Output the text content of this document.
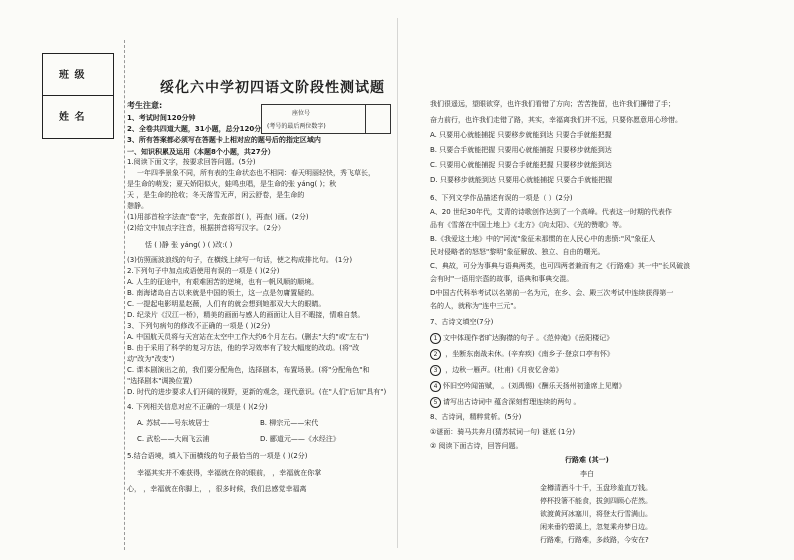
班 级
姓 名
绥化六中学初四语文阶段性测试题
考生注意:
1、考试时间120分钟
2、全卷共四道大题，31小题，总分120分
3、所有答案都必须写在答题卡上相对应的题号后的指定区域内
座位号
(考号的最后两位数字)
一、知识积累及运用（本题8个小题，共27分）
1.阅读下面文字，按要求回答问题。(5分)
一年四季景象不同，所有表的生命状态也不相同：春天明丽轻快，秀飞草长，
是生命的萌发；夏天娇阳似火，蛙鸣虫唱，是生命的张 yáng( )；秋
天 ，是生命的抢收；冬天落雪无声，闲云舒卷，是生命的
憩静。
(1)用部首检字法查"卷"字，先查部首( )，再查( )画。(2分)
(2)给文中加点字注音，根据拼音将写汉字。（2分）
恬 ( )静 张 yáng( ) ( )改:( )
(3)仿照画波浪线的句子，在横线上续写一句话，使之构成排比句。 (1分)
2.下列句子中加点成语使用有误的一项是 ( )(2分)
A. 人生的征途中，有艰难困苦的逆境，也有一帆风顺的顺境。
B. 南海诸岛自古以来就是中国的领土，这一点是勿庸置疑的。
C. 一提起电影明星赵薇，人们有的就会想到她那双大大的眼睛。
D. 纪录片《汉江一桥》，精美的画面与感人的画面让人目不暇接，情难自禁。
3、下列句病句的修改不正确的一项是 ( )(2分)
A. 中国航天员将与天宫站在太空中工作大约6个月左右。(删去"大约"或"左右")
B. 由于采用了科学的复习方法，他的学习效率有了较大幅度的改动。(将"改
动"改为"改变")
C. 课本剧演出之前，我们要分配角色，选择剧本，布置场景。(将"分配角色"和
"选择剧本"调换位置)
D. 时代的进步要求人们开阔的视野，更新的观念，现代意识。(在"人们"后加"具有")
4. 下列相关信息对应不正确的一项是 ( )(2分)
A. 苏轼——号东坡居士	B. 柳宗元——宋代
C. 武松——大闹飞云浦	D. 郦道元——《水经注》
5.结合语境，填入下面横线的句子最恰当的一项是 ( )(2分)
幸福其实并不难获得，幸福就在你的眼前， ，幸福就在你掌
心， ，幸福就在你脚上， ，很多时候，我们总感觉幸福离
我们很遥远，望眼欲穿，也许我们看错了方向；苦苦挽留，也许我们攥错了手；
奋力前行，也许我们走错了路，其实，幸福离我们并不远，只要你愿意用心珍惜。
A. 只要用心就能捕捉 只要移步就能到达 只要合手就能把握
B. 只要合手就能把握 只要用心就能捕捉 只要移步就能到达
C. 只要用心就能捕捉 只要合手就能把握 只要移步就能到达
D. 只要移步就能到达 只要用心就能捕捉 只要合手就能把握
6、下列文学作品描述有误的一项是（ ）(2分)
A、20 世纪30年代，艾青的诗歌创作达到了一个高峰。代表这一时期的代表作
品有《雪落在中国土地上》《北方》《向太阳》、《光的赞歌》等。
B.《我爱这土地》中的"河流"象征未那惯的在人民心中的悲愤:"风"象征人
民对侵略者的怒怒"黎明"象征解放、独立、自由的曙光。
C、典故，可分为事典与语典两类，也可四两者兼而有之《行路难》其一中"长风破浪
会有时"一语用宗悫的故事，语典和事典交混。
D中国古代科举考试以名第前一名为元，在乡、会、殿三次考试中连续获得第一
名的人，就称为"连中三元"。
7、古诗文填空(7分)
1 文中体现作者旷达胸襟的句子 。《范仲淹》《岳阳楼记》
2 ，坐断东南战未休。(辛弃疾)《南乡子·登京口亭有怀》
3 ，边秋一雁声。(杜甫)《月夜忆舍弟》
4 怀旧空吟闻笛赋， 。(刘禹锡)《酬乐天扬州初逢席上见赠》
5 请写出古诗词中 蕴含深刻哲理连续的两句 。
8、古诗词，精粹赏析。(5分)
①谜面：骑马共奔月(猜苏轼词一句) 谜底 (1分)
② 阅读下面古诗，回答问题。
行路难 (其一)
李白
金樽清酒斗十千，玉盘珍羞直万钱。
停杯投箸不能食，拔剑四顾心茫然。
欲渡黄河冰塞川，将登太行雪满山。
闲来垂钓碧溪上，忽复乘舟梦日边。
行路难，行路难，多歧路，今安在?
